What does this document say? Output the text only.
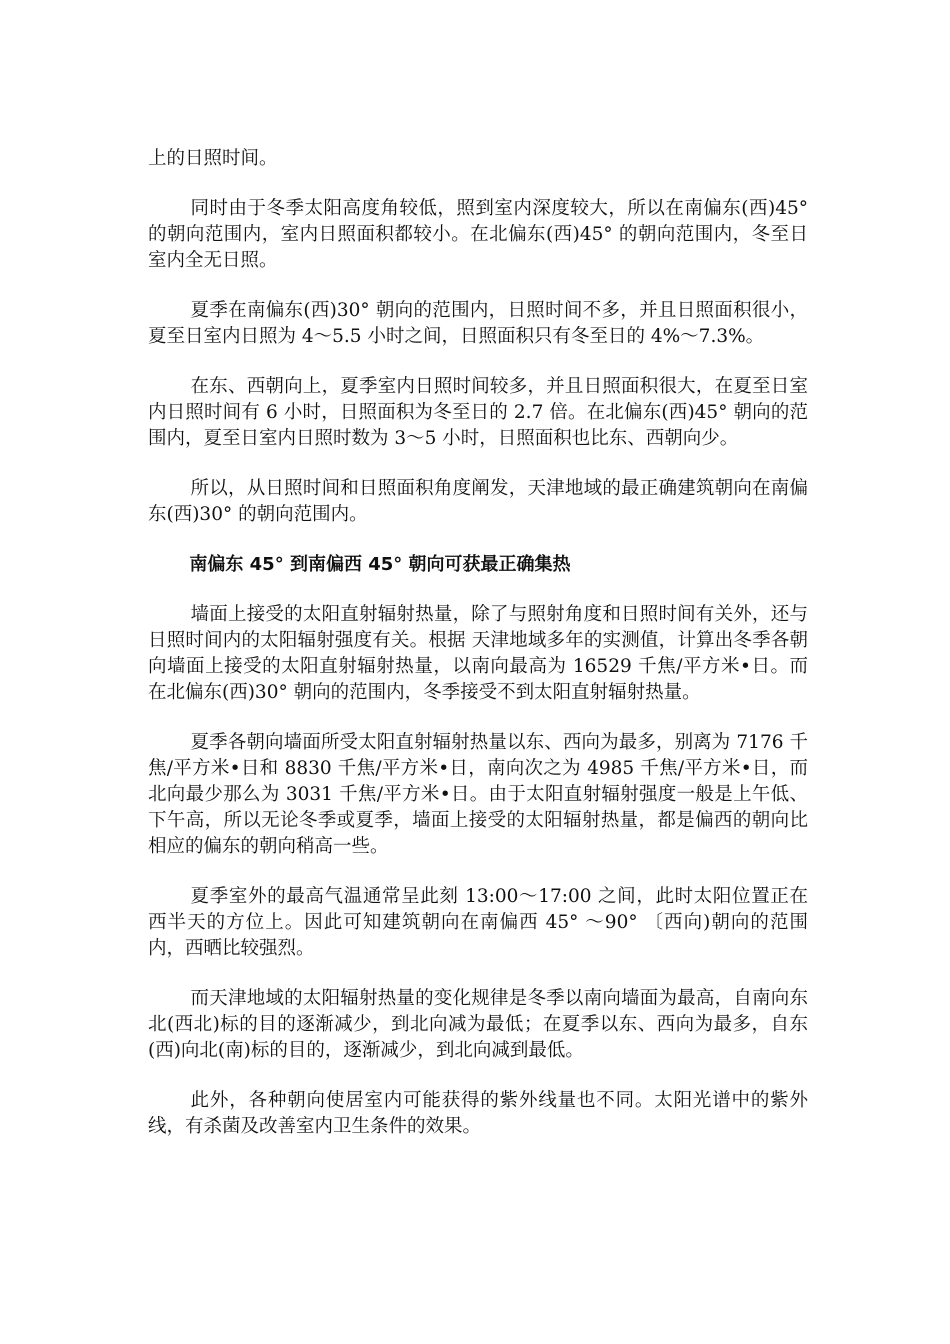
上的日照时间。

同时由于冬季太阳高度角较低，照到室内深度较大，所以在南偏东(西)45° 的朝向范围内，室内日照面积都较小。在北偏东(西)45° 的朝向范围内，冬至日室内全无日照。

夏季在南偏东(西)30° 朝向的范围内，日照时间不多，并且日照面积很小，夏至日室内日照为 4～5.5 小时之间，日照面积只有冬至日的 4%～7.3%。

在东、西朝向上，夏季室内日照时间较多，并且日照面积很大，在夏至日室内日照时间有 6 小时，日照面积为冬至日的 2.7 倍。在北偏东(西)45° 朝向的范围内，夏至日室内日照时数为 3～5 小时，日照面积也比东、西朝向少。

所以，从日照时间和日照面积角度阐发，天津地域的最正确建筑朝向在南偏东(西)30° 的朝向范围内。

南偏东 45° 到南偏西 45° 朝向可获最正确集热

墙面上接受的太阳直射辐射热量，除了与照射角度和日照时间有关外，还与日照时间内的太阳辐射强度有关。根据 天津地域多年的实测值，计算出冬季各朝向墙面上接受的太阳直射辐射热量，以南向最高为 16529 千焦/平方米•日。而在北偏东(西)30° 朝向的范围内，冬季接受不到太阳直射辐射热量。

夏季各朝向墙面所受太阳直射辐射热量以东、西向为最多，别离为 7176 千焦/平方米•日和 8830 千焦/平方米•日，南向次之为 4985 千焦/平方米•日，而北向最少那么为 3031 千焦/平方米•日。由于太阳直射辐射强度一般是上午低、下午高，所以无论冬季或夏季，墙面上接受的太阳辐射热量，都是偏西的朝向比相应的偏东的朝向稍高一些。

夏季室外的最高气温通常呈此刻 13:00～17:00 之间，此时太阳位置正在西半天的方位上。因此可知建筑朝向在南偏西 45° ～90° 〔西向)朝向的范围内，西晒比较强烈。

而天津地域的太阳辐射热量的变化规律是冬季以南向墙面为最高，自南向东北(西北)标的目的逐渐减少，到北向减为最低；在夏季以东、西向为最多，自东(西)向北(南)标的目的，逐渐减少，到北向减到最低。

此外，各种朝向使居室内可能获得的紫外线量也不同。太阳光谱中的紫外线，有杀菌及改善室内卫生条件的效果。
